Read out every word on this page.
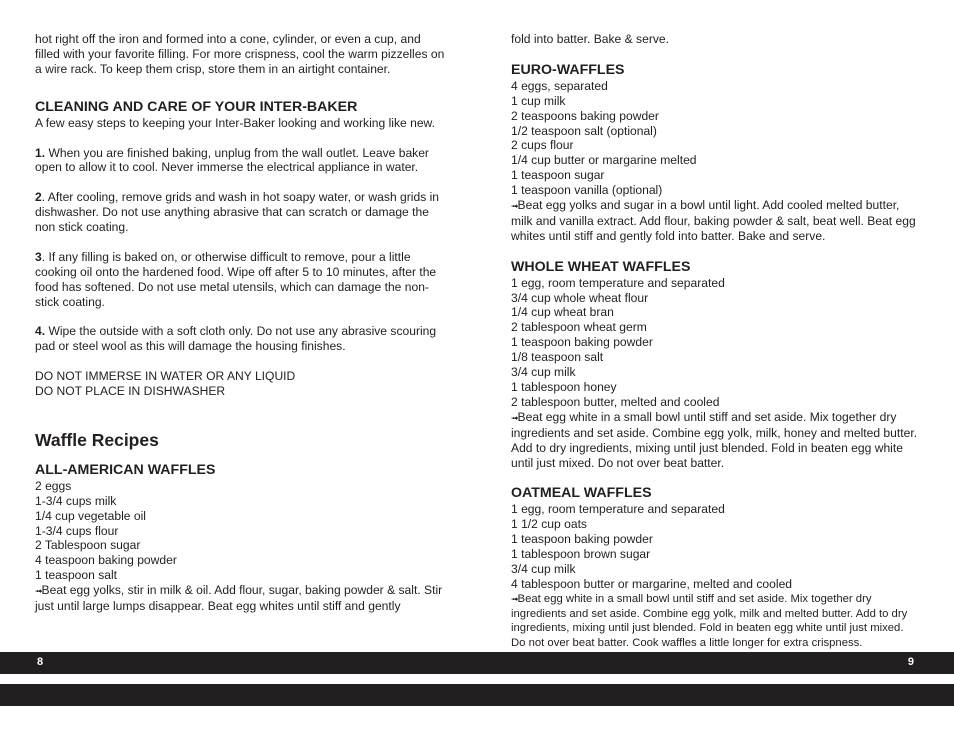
hot right off the iron and formed into a cone, cylinder, or even a cup, and filled with your favorite filling. For more crispness, cool the warm pizzelles on a wire rack. To keep them crisp, store them in an airtight container.

CLEANING AND CARE OF YOUR INTER-BAKER

A few easy steps to keeping your Inter-Baker looking and working like new.

1. When you are finished baking, unplug from the wall outlet. Leave baker open to allow it to cool. Never immerse the electrical appliance in water.

2. After cooling, remove grids and wash in hot soapy water, or wash grids in dishwasher. Do not use anything abrasive that can scratch or damage the non stick coating.

3. If any filling is baked on, or otherwise difficult to remove, pour a little cooking oil onto the hardened food. Wipe off after 5 to 10 minutes, after the food has softened. Do not use metal utensils, which can damage the non-stick coating.

4. Wipe the outside with a soft cloth only. Do not use any abrasive scouring pad or steel wool as this will damage the housing finishes.

DO NOT IMMERSE IN WATER OR ANY LIQUID

DO NOT PLACE IN DISHWASHER

Waffle Recipes
ALL-AMERICAN WAFFLES
2 eggs
1-3/4 cups milk
1/4 cup vegetable oil
1-3/4 cups flour
2 Tablespoon sugar
4 teaspoon baking powder
1 teaspoon salt

➟Beat egg yolks, stir in milk & oil. Add flour, sugar, baking powder & salt. Stir just until large lumps disappear. Beat egg whites until stiff and gently

fold into batter. Bake & serve.

EURO-WAFFLES
4 eggs, separated
1 cup milk
2 teaspoons baking powder
1/2 teaspoon salt (optional)
2 cups flour
1/4 cup butter or margarine melted
1 teaspoon sugar
1 teaspoon vanilla (optional)

➟Beat egg yolks and sugar in a bowl until light. Add cooled melted butter, milk and vanilla extract. Add flour, baking powder & salt, beat well. Beat egg whites until stiff and gently fold into batter. Bake and serve.

WHOLE WHEAT WAFFLES
1 egg, room temperature and separated
3/4 cup whole wheat flour
1/4 cup wheat bran
2 tablespoon wheat germ
1 teaspoon baking powder
1/8 teaspoon salt
3/4 cup milk
1 tablespoon honey
2 tablespoon butter, melted and cooled

➟Beat egg white in a small bowl until stiff and set aside. Mix together dry ingredients and set aside. Combine egg yolk, milk, honey and melted butter. Add to dry ingredients, mixing until just blended. Fold in beaten egg white until just mixed. Do not over beat batter.

OATMEAL WAFFLES
1 egg, room temperature and separated
1 1/2 cup oats
1 teaspoon baking powder
1 tablespoon brown sugar
3/4 cup milk
4 tablespoon butter or margarine, melted and cooled

➟Beat egg white in a small bowl until stiff and set aside. Mix together dry ingredients and set aside. Combine egg yolk, milk and melted butter. Add to dry ingredients, mixing until just blended. Fold in beaten egg white until just mixed. Do not over beat batter. Cook waffles a little longer for extra crispness.

8	9
